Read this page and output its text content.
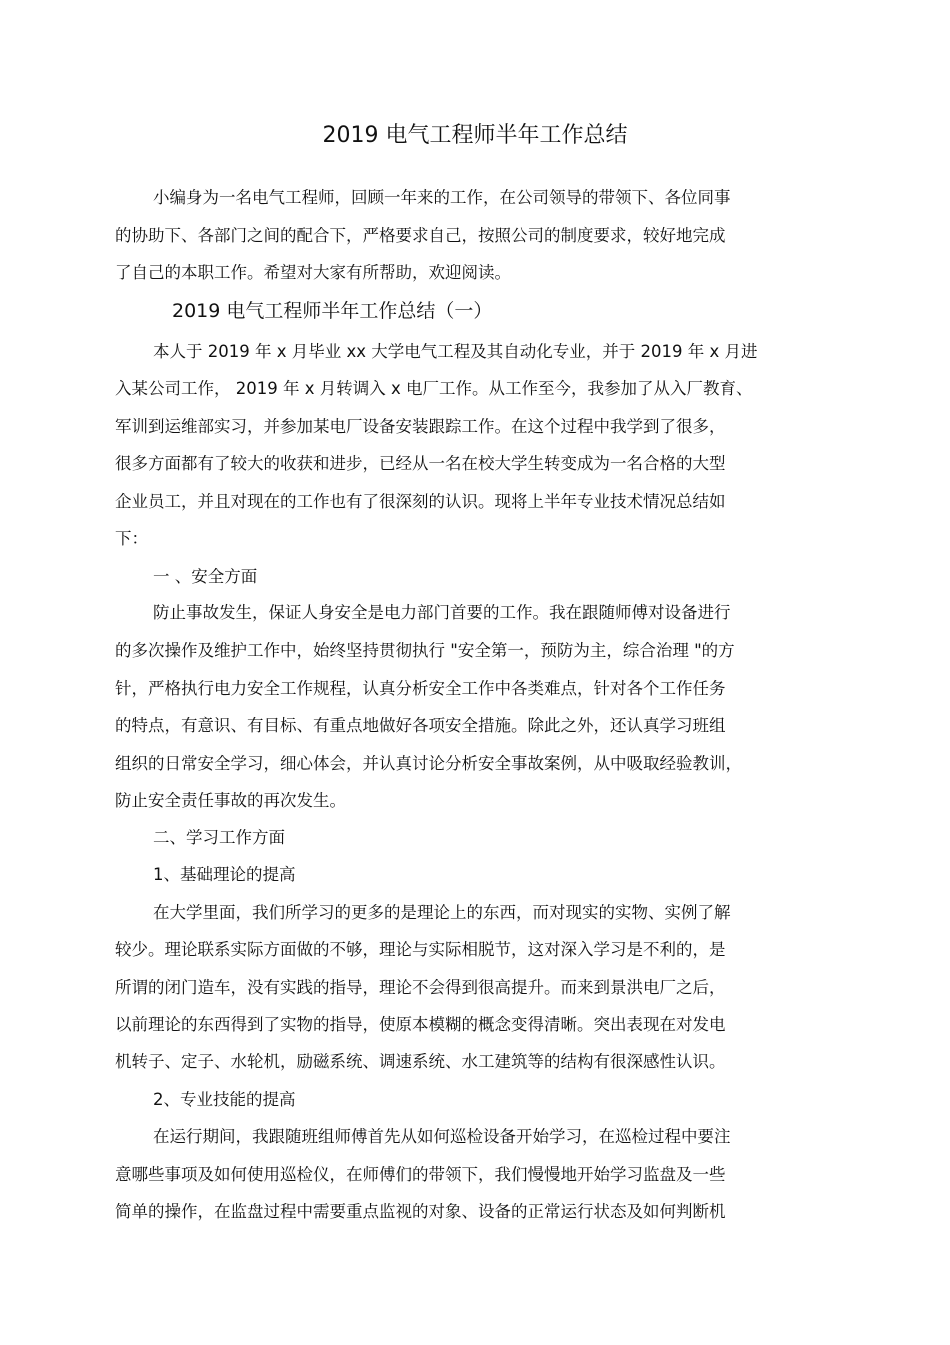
2019 电气工程师半年工作总结
小编身为一名电气工程师，回顾一年来的工作，在公司领导的带领下、各位同事
的协助下、各部门之间的配合下，严格要求自己，按照公司的制度要求，较好地完成
了自己的本职工作。希望对大家有所帮助，欢迎阅读。
2019 电气工程师半年工作总结（一）
本人于 2019 年 x 月毕业 xx 大学电气工程及其自动化专业，并于 2019 年 x 月进
入某公司工作， 2019 年 x 月转调入 x 电厂工作。从工作至今，我参加了从入厂教育、
军训到运维部实习，并参加某电厂设备安装跟踪工作。在这个过程中我学到了很多，
很多方面都有了较大的收获和进步，已经从一名在校大学生转变成为一名合格的大型
企业员工，并且对现在的工作也有了很深刻的认识。现将上半年专业技术情况总结如
下：
一 、安全方面
防止事故发生，保证人身安全是电力部门首要的工作。我在跟随师傅对设备进行
的多次操作及维护工作中，始终坚持贯彻执行 "安全第一，预防为主，综合治理 "的方
针，严格执行电力安全工作规程，认真分析安全工作中各类难点，针对各个工作任务
的特点，有意识、有目标、有重点地做好各项安全措施。除此之外，还认真学习班组
组织的日常安全学习，细心体会，并认真讨论分析安全事故案例，从中吸取经验教训，
防止安全责任事故的再次发生。
二、学习工作方面
1、基础理论的提高
在大学里面，我们所学习的更多的是理论上的东西，而对现实的实物、实例了解
较少。理论联系实际方面做的不够，理论与实际相脱节，这对深入学习是不利的，是
所谓的闭门造车，没有实践的指导，理论不会得到很高提升。而来到景洪电厂之后，
以前理论的东西得到了实物的指导，使原本模糊的概念变得清晰。突出表现在对发电
机转子、定子、水轮机，励磁系统、调速系统、水工建筑等的结构有很深感性认识。
2、专业技能的提高
在运行期间，我跟随班组师傅首先从如何巡检设备开始学习，在巡检过程中要注
意哪些事项及如何使用巡检仪，在师傅们的带领下，我们慢慢地开始学习监盘及一些
简单的操作，在监盘过程中需要重点监视的对象、设备的正常运行状态及如何判断机
